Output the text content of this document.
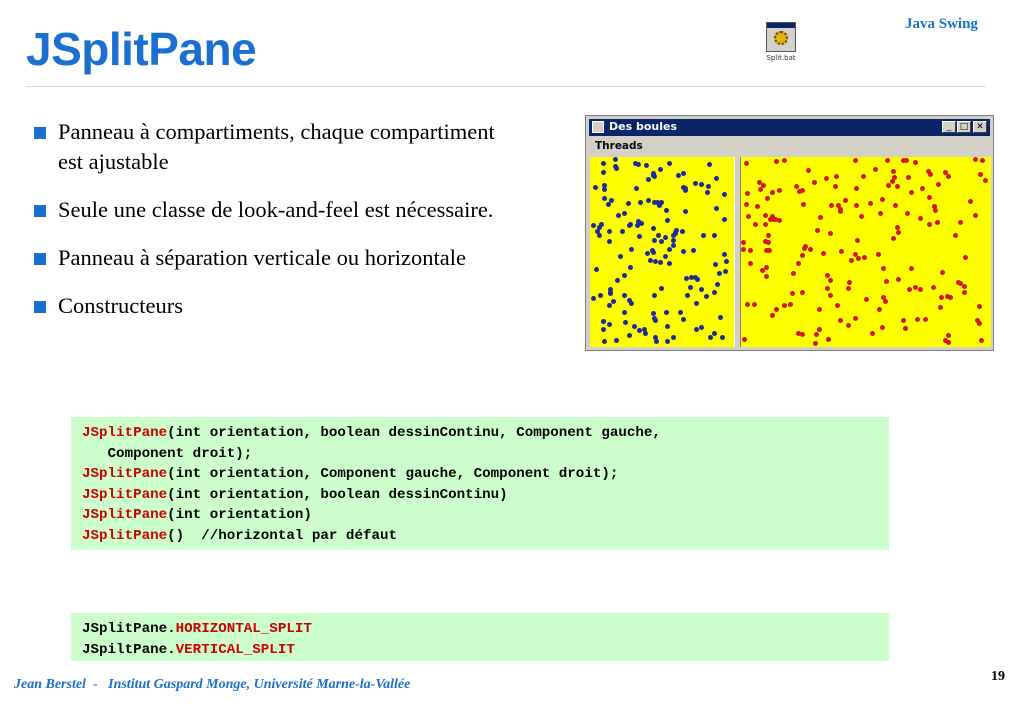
JSplitPane	Java Swing
Split.bat
Panneau à compartiments, chaque compartiment est ajustable
Seule une classe de look-and-feel est nécessaire.
Panneau à séparation verticale ou horizontale
Constructeurs
Des boules	_ □ ✕
Threads
JSplitPane(int orientation, boolean dessinContinu, Component gauche,
Component droit);
JSplitPane(int orientation, Component gauche, Component droit);
JSplitPane(int orientation, boolean dessinContinu)
JSplitPane(int orientation)
JSplitPane()  //horizontal par défaut
JSplitPane.HORIZONTAL_SPLIT
JSpiltPane.VERTICAL_SPLIT
Jean Berstel - Institut Gaspard Monge, Université Marne-la-Vallée
19
